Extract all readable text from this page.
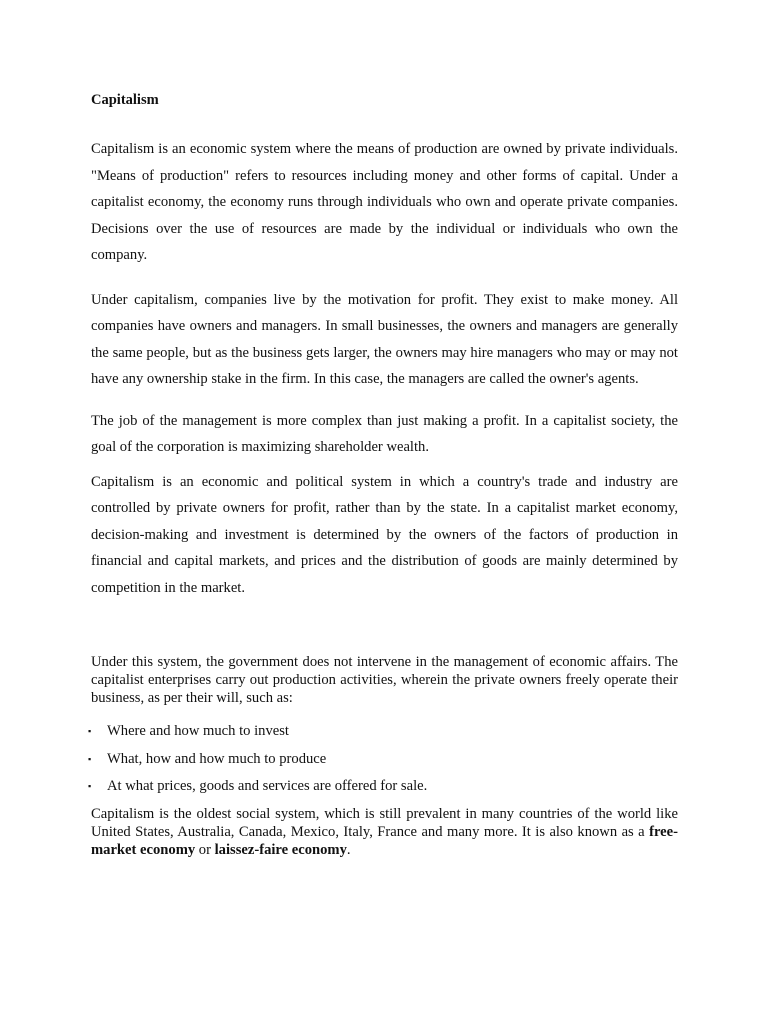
Capitalism

Capitalism is an economic system where the means of production are owned by private individuals. "Means of production" refers to resources including money and other forms of capital. Under a capitalist economy, the economy runs through individuals who own and operate private companies. Decisions over the use of resources are made by the individual or individuals who own the company.

Under capitalism, companies live by the motivation for profit. They exist to make money. All companies have owners and managers. In small businesses, the owners and managers are generally the same people, but as the business gets larger, the owners may hire managers who may or may not have any ownership stake in the firm. In this case, the managers are called the owner's agents.

The job of the management is more complex than just making a profit. In a capitalist society, the goal of the corporation is maximizing shareholder wealth.

Capitalism is an economic and political system in which a country's trade and industry are controlled by private owners for profit, rather than by the state. In a capitalist market economy, decision-making and investment is determined by the owners of the factors of production in financial and capital markets, and prices and the distribution of goods are mainly determined by competition in the market.

Under this system, the government does not intervene in the management of economic affairs. The capitalist enterprises carry out production activities, wherein the private owners freely operate their business, as per their will, such as:

▪ Where and how much to invest
▪ What, how and how much to produce
▪ At what prices, goods and services are offered for sale.

Capitalism is the oldest social system, which is still prevalent in many countries of the world like United States, Australia, Canada, Mexico, Italy, France and many more. It is also known as a free-market economy or laissez-faire economy.
